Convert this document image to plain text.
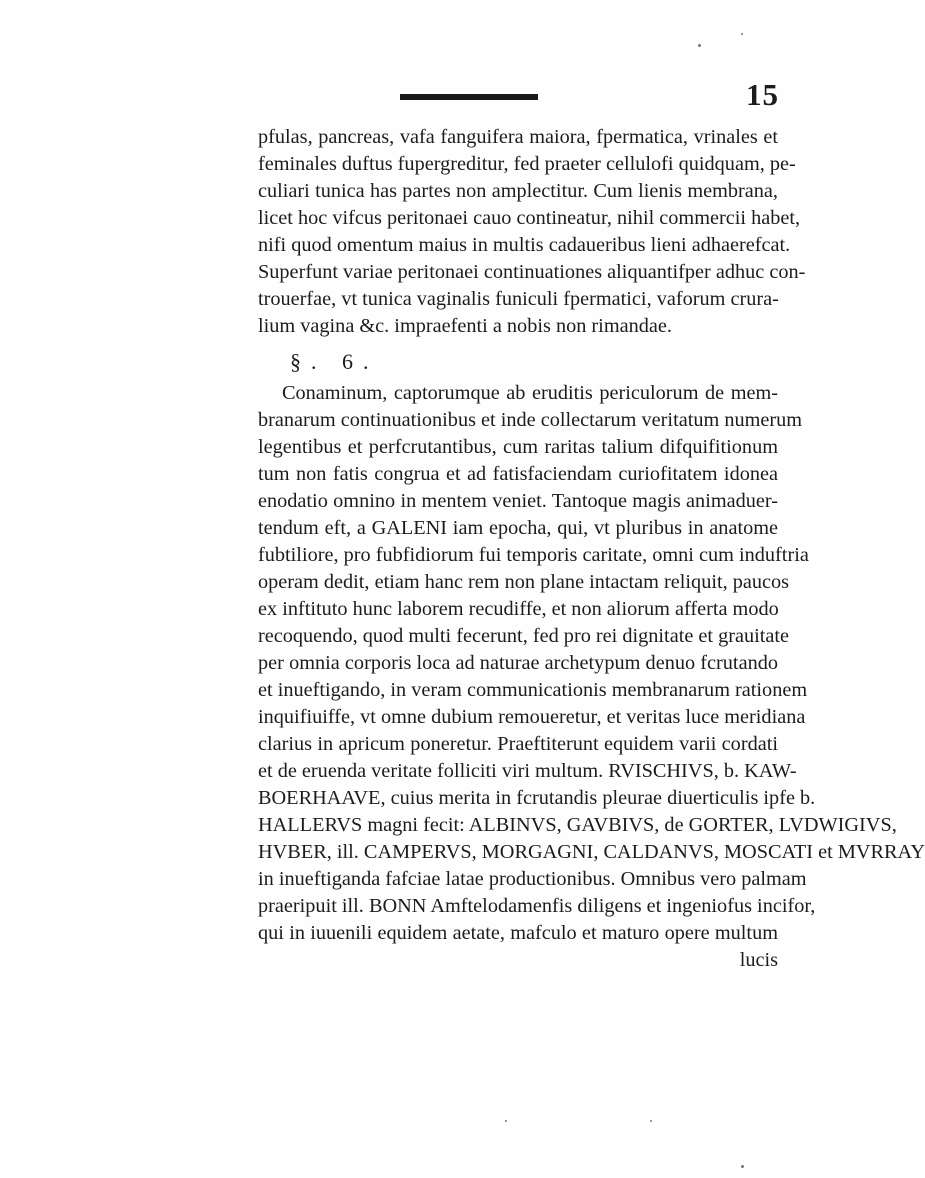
15
pfulas, pancreas, vafa fanguifera maiora, fpermatica, vrinales et
feminales duftus fupergreditur, fed praeter cellulofi quidquam, pe-
culiari tunica has partes non amplectitur. Cum lienis membrana,
licet hoc vifcus peritonaei cauo contineatur, nihil commercii habet,
nifi quod omentum maius in multis cadaueribus lieni adhaerefcat.
Superfunt variae peritonaei continuationes aliquantifper adhuc con-
trouerfae, vt tunica vaginalis funiculi fpermatici, vaforum crura-
lium vagina &c. impraefenti a nobis non rimandae.
§. 6.
Conaminum, captorumque ab eruditis periculorum de mem-
branarum continuationibus et inde collectarum veritatum numerum
legentibus et perfcrutantibus, cum raritas talium difquifitionum
tum non fatis congrua et ad fatisfaciendam curiofitatem idonea
enodatio omnino in mentem veniet. Tantoque magis animaduer-
tendum eft, a GALENI iam epocha, qui, vt pluribus in anatome
fubtiliore, pro fubfidiorum fui temporis caritate, omni cum induftria
operam dedit, etiam hanc rem non plane intactam reliquit, paucos
ex inftituto hunc laborem recudiffe, et non aliorum afferta modo
recoquendo, quod multi fecerunt, fed pro rei dignitate et grauitate
per omnia corporis loca ad naturae archetypum denuo fcrutando
et inueftigando, in veram communicationis membranarum rationem
inquifiuiffe, vt omne dubium remoueretur, et veritas luce meridiana
clarius in apricum poneretur. Praeftiterunt equidem varii cordati
et de eruenda veritate folliciti viri multum. RVISCHIVS, b. KAW-
BOERHAAVE, cuius merita in fcrutandis pleurae diuerticulis ipfe b.
HALLERVS magni fecit: ALBINVS, GAVBIVS, de GORTER, LVDWIGIVS,
HVBER, ill. CAMPERVS, MORGAGNI, CALDANVS, MOSCATI et MVRRAY
in inueftiganda fafciae latae productionibus. Omnibus vero palmam
praeripuit ill. BONN Amftelodamenfis diligens et ingeniofus incifor,
qui in iuuenili equidem aetate, mafculo et maturo opere multum
lucis
